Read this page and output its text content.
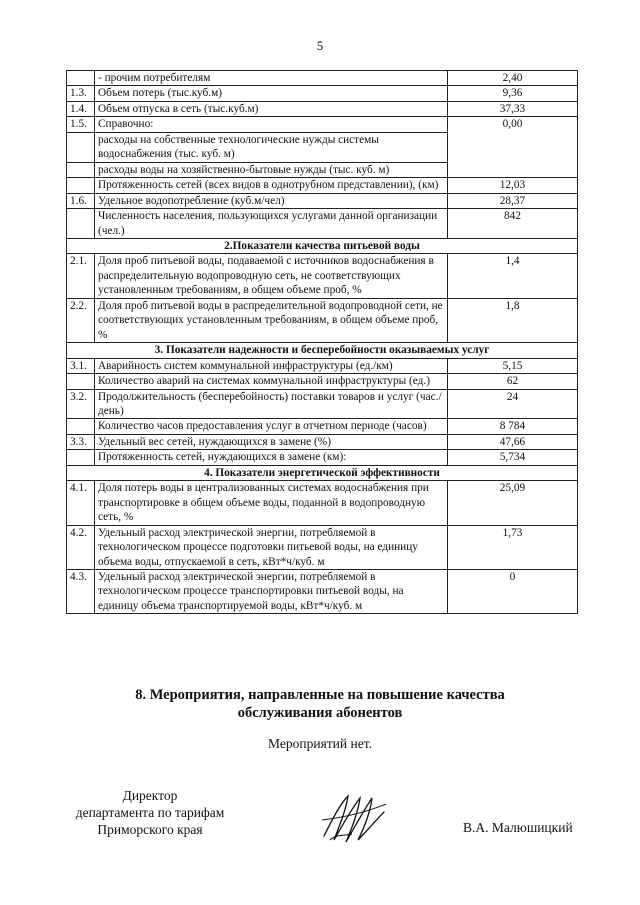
5
	- прочим потребителям	2,40
1.3.	Объем потерь (тыс.куб.м)	9,36
1.4.	Объем отпуска в сеть (тыс.куб.м)	37,33
1.5.	Справочно:	0,00
	расходы на собственные технологические нужды системы водоснабжения (тыс. куб. м)	
	расходы воды на хозяйственно-бытовые нужды (тыс. куб. м)	
	Протяженность сетей (всех видов в однотрубном представлении), (км)	12,03
1.6.	Удельное водопотребление (куб.м/чел)	28,37
	Численность населения, пользующихся услугами данной организации (чел.)	842
2.Показатели качества питьевой воды		
2.1.	Доля проб питьевой воды, подаваемой с источников водоснабжения в распределительную водопроводную сеть, не соответствующих установленным требованиям, в общем объеме проб, %	1,4
2.2.	Доля проб питьевой воды в распределительной водопроводной сети, не соответствующих установленным требованиям, в общем объеме проб, %	1,8
3. Показатели надежности и бесперебойности оказываемых услуг		
3.1.	Аварийность систем коммунальной инфраструктуры (ед./км)	5,15
	Количество аварий на системах коммунальной инфраструктуры (ед.)	62
3.2.	Продолжительность (бесперебойность) поставки товаров и услуг (час./день)	24
	Количество часов предоставления услуг в отчетном периоде (часов)	8 784
3.3.	Удельный вес сетей, нуждающихся в замене (%)	47,66
	Протяженность сетей, нуждающихся в замене (км):	5,734
4. Показатели энергетической эффективности		
4.1.	Доля потерь воды в централизованных системах водоснабжения при транспортировке в общем объеме воды, поданной в водопроводную сеть, %	25,09
4.2.	Удельный расход электрической энергии, потребляемой в технологическом процессе подготовки питьевой воды, на единицу объема воды, отпускаемой в сеть, кВт*ч/куб. м	1,73
4.3.	Удельный расход электрической энергии, потребляемой в технологическом процессе транспортировки питьевой воды, на единицу объема транспортируемой воды, кВт*ч/куб. м	0
8. Мероприятия, направленные на повышение качества
обслуживания абонентов
Мероприятий нет.
Директор
департамента по тарифам
Приморского края	В.А. Малюшицкий
